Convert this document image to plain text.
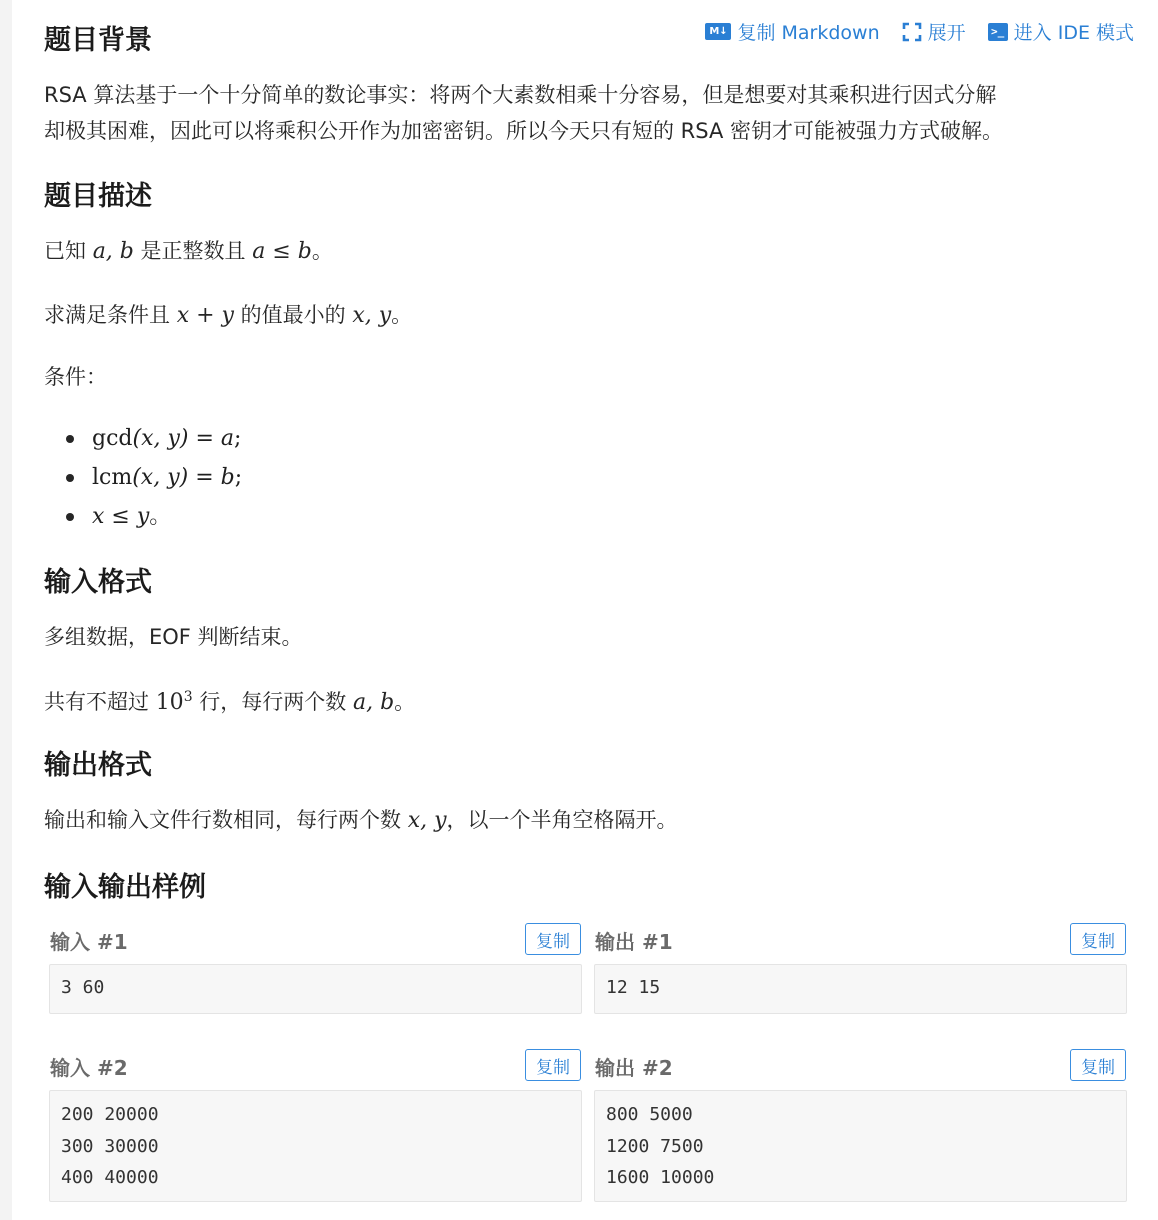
M↓ 复制 Markdown	展开	>_ 进入 IDE 模式
题目背景

RSA 算法基于一个十分简单的数论事实：将两个大素数相乘十分容易，但是想要对其乘积进行因式分解

却极其困难，因此可以将乘积公开作为加密密钥。所以今天只有短的 RSA 密钥才可能被强力方式破解。

题目描述

已知 a, b 是正整数且 a ≤ b。

求满足条件且 x + y 的值最小的 x, y。

条件：

gcd(x, y) = a;
lcm(x, y) = b;
x ≤ y。
输入格式

多组数据，EOF 判断结束。

共有不超过 $10^3$ 行，每行两个数 a, b。

输出格式

输出和输入文件行数相同，每行两个数 x, y，以一个半角空格隔开。

输入输出样例
输入 #1	复制
3 60
输出 #1	复制
12 15
输入 #2	复制
200 20000
300 30000
400 40000
输出 #2	复制
800 5000
1200 7500
1600 10000
